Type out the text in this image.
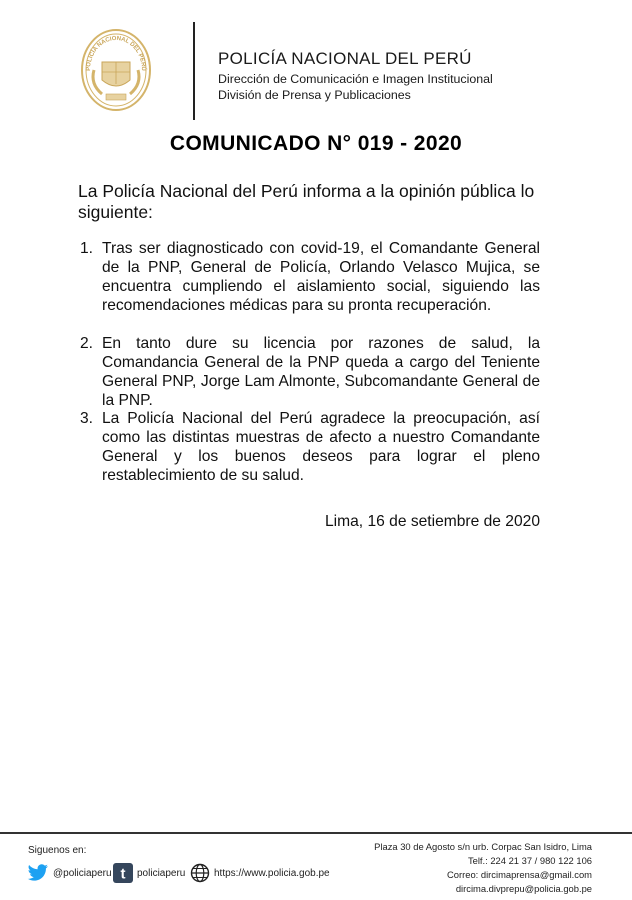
POLICÍA NACIONAL DEL PERÚ
POLICÍA NACIONAL DEL PERÚ
Dirección de Comunicación e Imagen Institucional
División de Prensa y Publicaciones
COMUNICADO N° 019 - 2020
La Policía Nacional del Perú informa a la opinión pública lo siguiente:
1. Tras ser diagnosticado con covid-19, el Comandante General de la PNP, General de Policía, Orlando Velasco Mujica, se encuentra cumpliendo el aislamiento social, siguiendo las recomendaciones médicas para su pronta recuperación.
2. En tanto dure su licencia por razones de salud, la Comandancia General de la PNP queda a cargo del Teniente General PNP, Jorge Lam Almonte, Subcomandante General de la PNP.
3. La Policía Nacional del Perú agradece la preocupación, así como las distintas muestras de afecto a nuestro Comandante General y los buenos deseos para lograr el pleno restablecimiento de su salud.
Lima, 16 de setiembre de 2020
Siguenos en:
@policiaperu t policiaperu	https://www.policia.gob.pe
Plaza 30 de Agosto s/n urb. Corpac San Isidro, Lima
Telf.: 224 21 37 / 980 122 106
Correo: dircimaprensa@gmail.com
dircima.divprepu@policia.gob.pe
